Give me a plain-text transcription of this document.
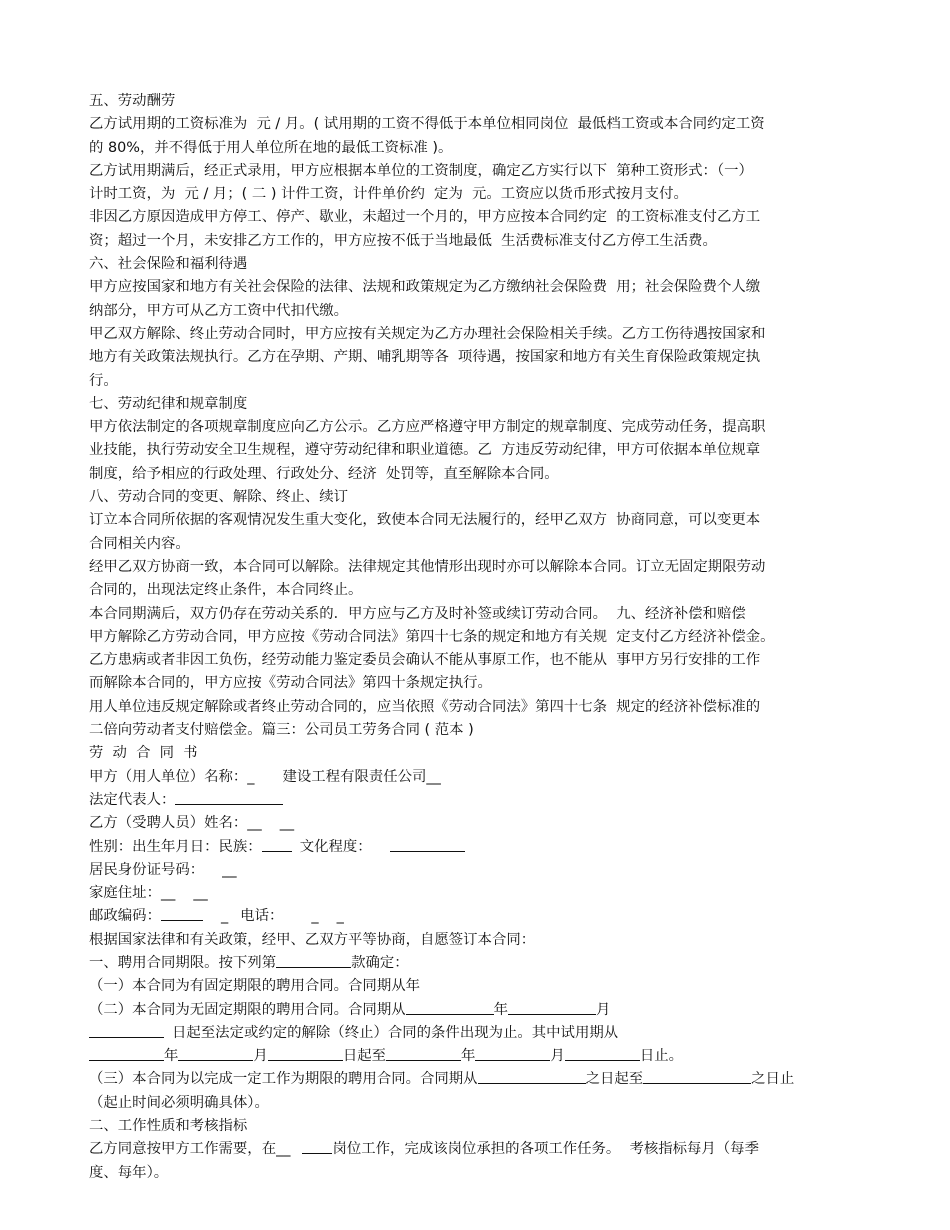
五、劳动酬劳
乙方试用期的工资标准为  元 / 月。( 试用期的工资不得低于本单位相同岗位  最低档工资或本合同约定工资
的 80%，并不得低于用人单位所在地的最低工资标准 )。
乙方试用期满后，经正式录用，甲方应根据本单位的工资制度，确定乙方实行以下  第种工资形式：（一）
计时工资，为  元 / 月；( 二 ) 计件工资，计件单价约  定为  元。工资应以货币形式按月支付。
非因乙方原因造成甲方停工、停产、歇业，未超过一个月的，甲方应按本合同约定  的工资标准支付乙方工
资；超过一个月，未安排乙方工作的，甲方应按不低于当地最低  生活费标准支付乙方停工生活费。
六、社会保险和福利待遇
甲方应按国家和地方有关社会保险的法律、法规和政策规定为乙方缴纳社会保险费  用；社会保险费个人缴
纳部分，甲方可从乙方工资中代扣代缴。
甲乙双方解除、终止劳动合同时，甲方应按有关规定为乙方办理社会保险相关手续。乙方工伤待遇按国家和
地方有关政策法规执行。乙方在孕期、产期、哺乳期等各  项待遇，按国家和地方有关生育保险政策规定执
行。
七、劳动纪律和规章制度
甲方依法制定的各项规章制度应向乙方公示。乙方应严格遵守甲方制定的规章制度、完成劳动任务，提高职
业技能，执行劳动安全卫生规程，遵守劳动纪律和职业道德。乙  方违反劳动纪律，甲方可依据本单位规章
制度，给予相应的行政处理、行政处分、经济  处罚等，直至解除本合同。
八、劳动合同的变更、解除、终止、续订
订立本合同所依据的客观情况发生重大变化，致使本合同无法履行的，经甲乙双方  协商同意，可以变更本
合同相关内容。
经甲乙双方协商一致，本合同可以解除。法律规定其他情形出现时亦可以解除本合同。订立无固定期限劳动
合同的，出现法定终止条件，本合同终止。
本合同期满后，双方仍存在劳动关系的．甲方应与乙方及时补签或续订劳动合同。  九、经济补偿和赔偿
甲方解除乙方劳动合同，甲方应按《劳动合同法》第四十七条的规定和地方有关规  定支付乙方经济补偿金。
乙方患病或者非因工负伤，经劳动能力鉴定委员会确认不能从事原工作，也不能从  事甲方另行安排的工作
而解除本合同的，甲方应按《劳动合同法》第四十条规定执行。
用人单位违反规定解除或者终止劳动合同的，应当依照《劳动合同法》第四十七条  规定的经济补偿标准的
二倍向劳动者支付赔偿金。篇三：公司员工劳务合同 ( 范本 )
劳  动  合  同  书
甲方（用人单位）名称：_ 建设工程有限责任公司__
法定代表人：
乙方（受聘人员）姓名：__ __
性别：出生年月日：民族：	文化程度：
居民身份证号码： __
家庭住址：__ __
邮政编码：	_ 电话： _ _
根据国家法律和有关政策，经甲、乙双方平等协商，自愿签订本合同：
一、聘用合同期限。按下列第	款确定：
（一）本合同为有固定期限的聘用合同。合同期从年
（二）本合同为无固定期限的聘用合同。合同期从	年	月
日起至法定或约定的解除（终止）合同的条件出现为止。其中试用期从
年	月	日起至	年	月	日止。
（三）本合同为以完成一定工作为期限的聘用合同。合同期从	之日起至	之日止
（起止时间必须明确具体）。
二、工作性质和考核指标
乙方同意按甲方工作需要，在__	岗位工作，完成该岗位承担的各项工作任务。  考核指标每月（每季
度、每年）。
